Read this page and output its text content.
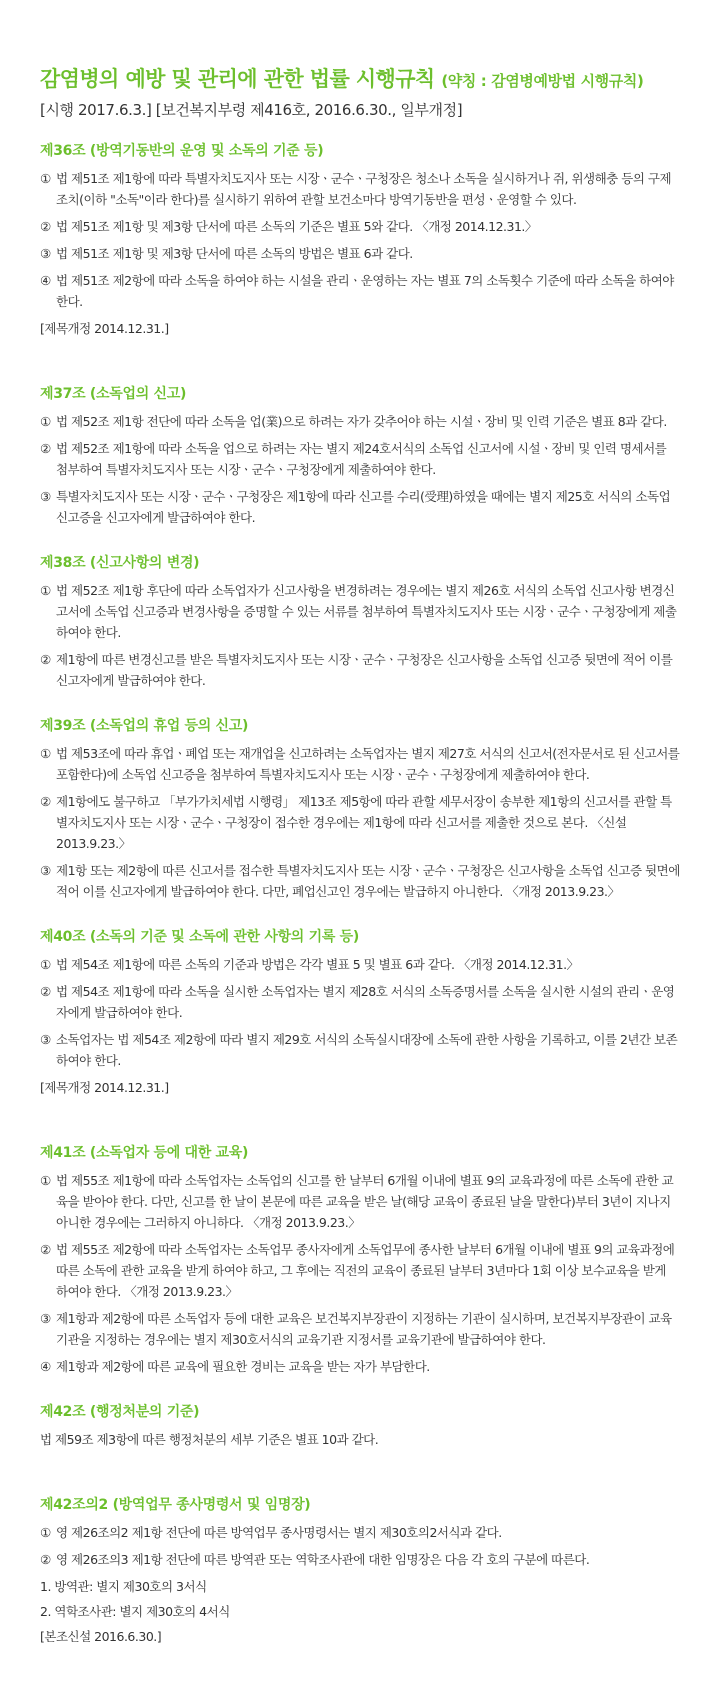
감염병의 예방 및 관리에 관한 법률 시행규칙 (약칭 : 감염병예방법 시행규칙)
[시행 2017.6.3.] [보건복지부령 제416호, 2016.6.30., 일부개정]
제36조 (방역기동반의 운영 및 소독의 기준 등)
① 법 제51조 제1항에 따라 특별자치도지사 또는 시장ㆍ군수ㆍ구청장은 청소나 소독을 실시하거나 쥐, 위생해충 등의 구제조치(이하 "소독"이라 한다)를 실시하기 위하여 관할 보건소마다 방역기동반을 편성ㆍ운영할 수 있다.
② 법 제51조 제1항 및 제3항 단서에 따른 소독의 기준은 별표 5와 같다. 〈개정 2014.12.31.〉
③ 법 제51조 제1항 및 제3항 단서에 따른 소독의 방법은 별표 6과 같다.
④ 법 제51조 제2항에 따라 소독을 하여야 하는 시설을 관리ㆍ운영하는 자는 별표 7의 소독횟수 기준에 따라 소독을 하여야 한다.
[제목개정 2014.12.31.]
제37조 (소독업의 신고)
① 법 제52조 제1항 전단에 따라 소독을 업(業)으로 하려는 자가 갖추어야 하는 시설ㆍ장비 및 인력 기준은 별표 8과 같다.
② 법 제52조 제1항에 따라 소독을 업으로 하려는 자는 별지 제24호서식의 소독업 신고서에 시설ㆍ장비 및 인력 명세서를 첨부하여 특별자치도지사 또는 시장ㆍ군수ㆍ구청장에게 제출하여야 한다.
③ 특별자치도지사 또는 시장ㆍ군수ㆍ구청장은 제1항에 따라 신고를 수리(受理)하였을 때에는 별지 제25호 서식의 소독업 신고증을 신고자에게 발급하여야 한다.
제38조 (신고사항의 변경)
① 법 제52조 제1항 후단에 따라 소독업자가 신고사항을 변경하려는 경우에는 별지 제26호 서식의 소독업 신고사항 변경신고서에 소독업 신고증과 변경사항을 증명할 수 있는 서류를 첨부하여 특별자치도지사 또는 시장ㆍ군수ㆍ구청장에게 제출하여야 한다.
② 제1항에 따른 변경신고를 받은 특별자치도지사 또는 시장ㆍ군수ㆍ구청장은 신고사항을 소독업 신고증 뒷면에 적어 이를 신고자에게 발급하여야 한다.
제39조 (소독업의 휴업 등의 신고)
① 법 제53조에 따라 휴업ㆍ폐업 또는 재개업을 신고하려는 소독업자는 별지 제27호 서식의 신고서(전자문서로 된 신고서를 포함한다)에 소독업 신고증을 첨부하여 특별자치도지사 또는 시장ㆍ군수ㆍ구청장에게 제출하여야 한다.
② 제1항에도 불구하고 「부가가치세법 시행령」 제13조 제5항에 따라 관할 세무서장이 송부한 제1항의 신고서를 관할 특별자치도지사 또는 시장ㆍ군수ㆍ구청장이 접수한 경우에는 제1항에 따라 신고서를 제출한 것으로 본다. 〈신설 2013.9.23.〉
③ 제1항 또는 제2항에 따른 신고서를 접수한 특별자치도지사 또는 시장ㆍ군수ㆍ구청장은 신고사항을 소독업 신고증 뒷면에 적어 이를 신고자에게 발급하여야 한다. 다만, 폐업신고인 경우에는 발급하지 아니한다. 〈개정 2013.9.23.〉
제40조 (소독의 기준 및 소독에 관한 사항의 기록 등)
① 법 제54조 제1항에 따른 소독의 기준과 방법은 각각 별표 5 및 별표 6과 같다. 〈개정 2014.12.31.〉
② 법 제54조 제1항에 따라 소독을 실시한 소독업자는 별지 제28호 서식의 소독증명서를 소독을 실시한 시설의 관리ㆍ운영자에게 발급하여야 한다.
③ 소독업자는 법 제54조 제2항에 따라 별지 제29호 서식의 소독실시대장에 소독에 관한 사항을 기록하고, 이를 2년간 보존하여야 한다.
[제목개정 2014.12.31.]
제41조 (소독업자 등에 대한 교육)
① 법 제55조 제1항에 따라 소독업자는 소독업의 신고를 한 날부터 6개월 이내에 별표 9의 교육과정에 따른 소독에 관한 교육을 받아야 한다. 다만, 신고를 한 날이 본문에 따른 교육을 받은 날(해당 교육이 종료된 날을 말한다)부터 3년이 지나지 아니한 경우에는 그러하지 아니하다. 〈개정 2013.9.23.〉
② 법 제55조 제2항에 따라 소독업자는 소독업무 종사자에게 소독업무에 종사한 날부터 6개월 이내에 별표 9의 교육과정에 따른 소독에 관한 교육을 받게 하여야 하고, 그 후에는 직전의 교육이 종료된 날부터 3년마다 1회 이상 보수교육을 받게 하여야 한다. 〈개정 2013.9.23.〉
③ 제1항과 제2항에 따른 소독업자 등에 대한 교육은 보건복지부장관이 지정하는 기관이 실시하며, 보건복지부장관이 교육기관을 지정하는 경우에는 별지 제30호서식의 교육기관 지정서를 교육기관에 발급하여야 한다.
④ 제1항과 제2항에 따른 교육에 필요한 경비는 교육을 받는 자가 부담한다.
제42조 (행정처분의 기준)
법 제59조 제3항에 따른 행정처분의 세부 기준은 별표 10과 같다.
제42조의2 (방역업무 종사명령서 및 임명장)
① 영 제26조의2 제1항 전단에 따른 방역업무 종사명령서는 별지 제30호의2서식과 같다.
② 영 제26조의3 제1항 전단에 따른 방역관 또는 역학조사관에 대한 임명장은 다음 각 호의 구분에 따른다.
1. 방역관: 별지 제30호의 3서식
2. 역학조사관: 별지 제30호의 4서식
[본조신설 2016.6.30.]
